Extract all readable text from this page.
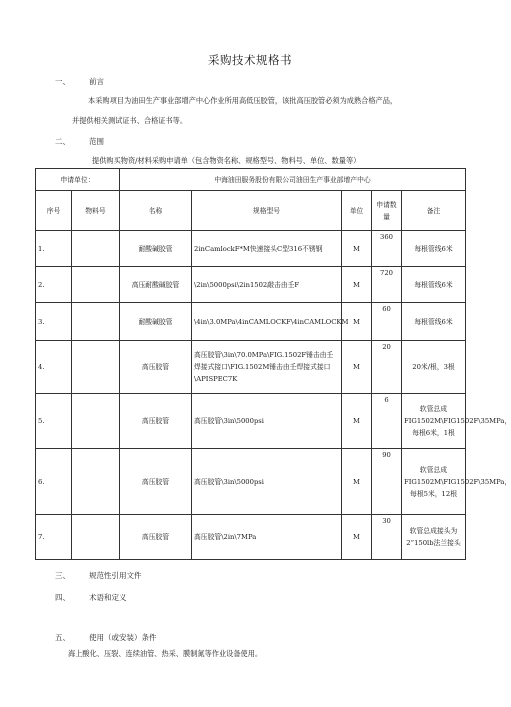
采购技术规格书
一、	前言
本采购项目为油田生产事业部增产中心作业所用高低压胶管，该批高压胶管必须为成熟合格产品，
并提供相关测试证书、合格证书等。
二、	范围
提供购买物资/材料采购申请单（包含物资名称、规格型号、物料号、单位、数量等）
申请单位：		中海油田服务股份有限公司油田生产事业部增产中心				
序号	物料号	名称	规格型号	单位	申请数量	备注
1.		耐酸碱胶管	2inCamlockF*M快速接头C型316不锈钢	M	360	每根管线6米
2.		高压耐酸碱胶管	\2in\5000psi\2in1502敲击由壬F	M	720	每根管线6米
3.		耐酸碱胶管	\4in\3.0MPa\4inCAMLOCKF\4inCAMLOCKM	M	60	每根管线6米
4.		高压胶管	高压胶管\3in\70.0MPa\FIG.1502F锤击由壬焊接式接口\FIG.1502M锤击由壬焊接式接口\APISPEC7K	M	20	20米/根，3根
5.		高压胶管	高压胶管\3in\5000psi	M	6	软管总成FIG1502M\FIG1502F\35MPa，每根6米，1根
6.		高压胶管	高压胶管\3in\5000psi	M	90	软管总成FIG1502M\FIG1502F\35MPa，每根5米，12根
7.		高压胶管	高压胶管\2in\7MPa	M	30	软管总成接头为2”150lb法兰接头
三、	规范性引用文件
四、	术语和定义
五、	使用（或安装）条件
海上酸化、压裂、连续油管、热采、膜制氮等作业设备使用。
